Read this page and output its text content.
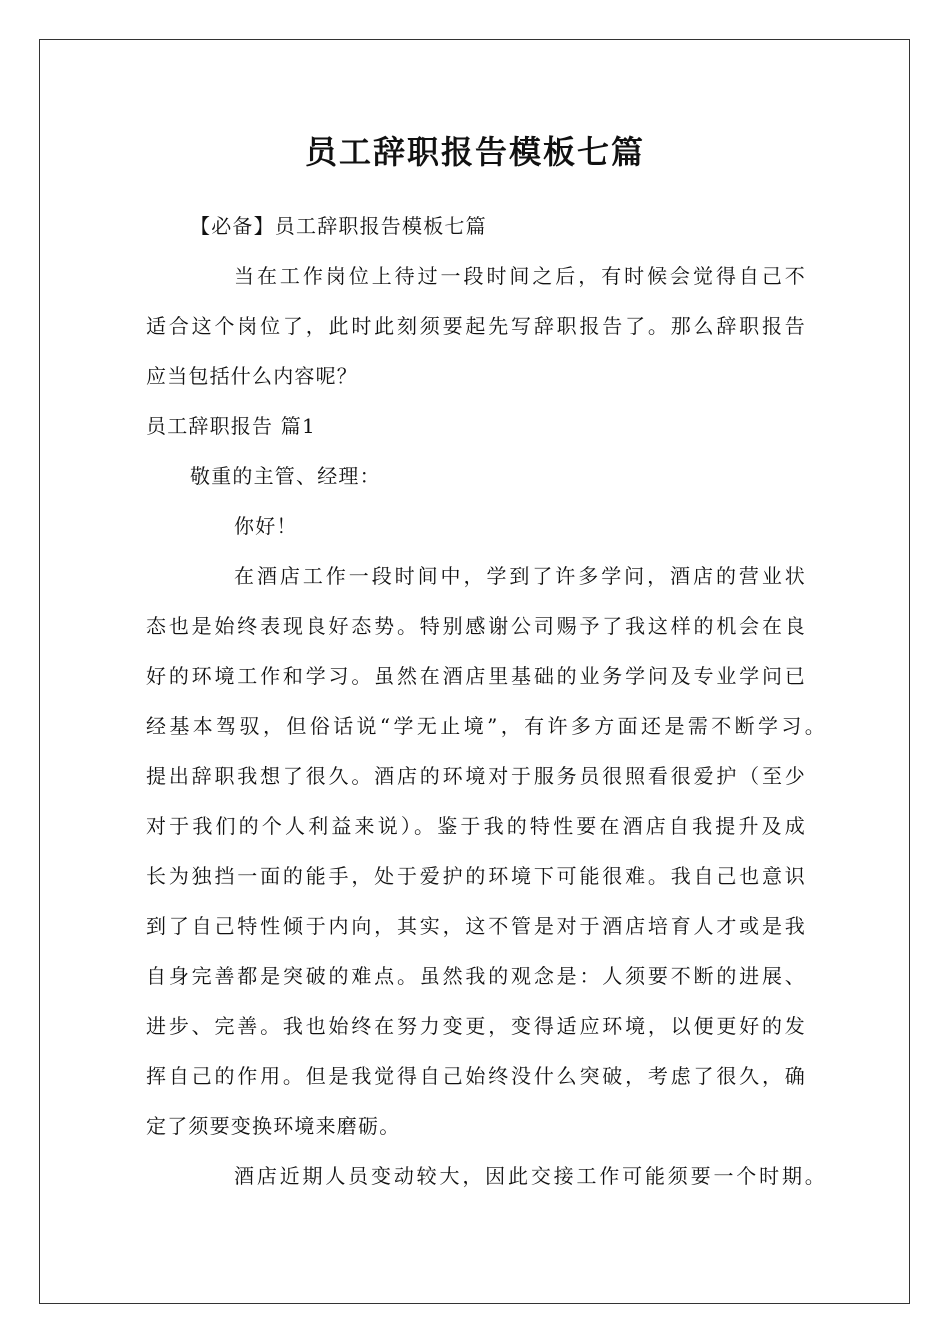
员工辞职报告模板七篇
【必备】员工辞职报告模板七篇
当在工作岗位上待过一段时间之后，有时候会觉得自己不
适合这个岗位了，此时此刻须要起先写辞职报告了。那么辞职报告
应当包括什么内容呢？
员工辞职报告 篇1
敬重的主管、经理：
你好！
在酒店工作一段时间中，学到了许多学问，酒店的营业状
态也是始终表现良好态势。特别感谢公司赐予了我这样的机会在良
好的环境工作和学习。虽然在酒店里基础的业务学问及专业学问已
经基本驾驭，但俗话说“学无止境”，有许多方面还是需不断学习。
提出辞职我想了很久。酒店的环境对于服务员很照看很爱护（至少
对于我们的个人利益来说）。鉴于我的特性要在酒店自我提升及成
长为独挡一面的能手，处于爱护的环境下可能很难。我自己也意识
到了自己特性倾于内向，其实，这不管是对于酒店培育人才或是我
自身完善都是突破的难点。虽然我的观念是：人须要不断的进展、
进步、完善。我也始终在努力变更，变得适应环境，以便更好的发
挥自己的作用。但是我觉得自己始终没什么突破，考虑了很久，确
定了须要变换环境来磨砺。
酒店近期人员变动较大，因此交接工作可能须要一个时期。
